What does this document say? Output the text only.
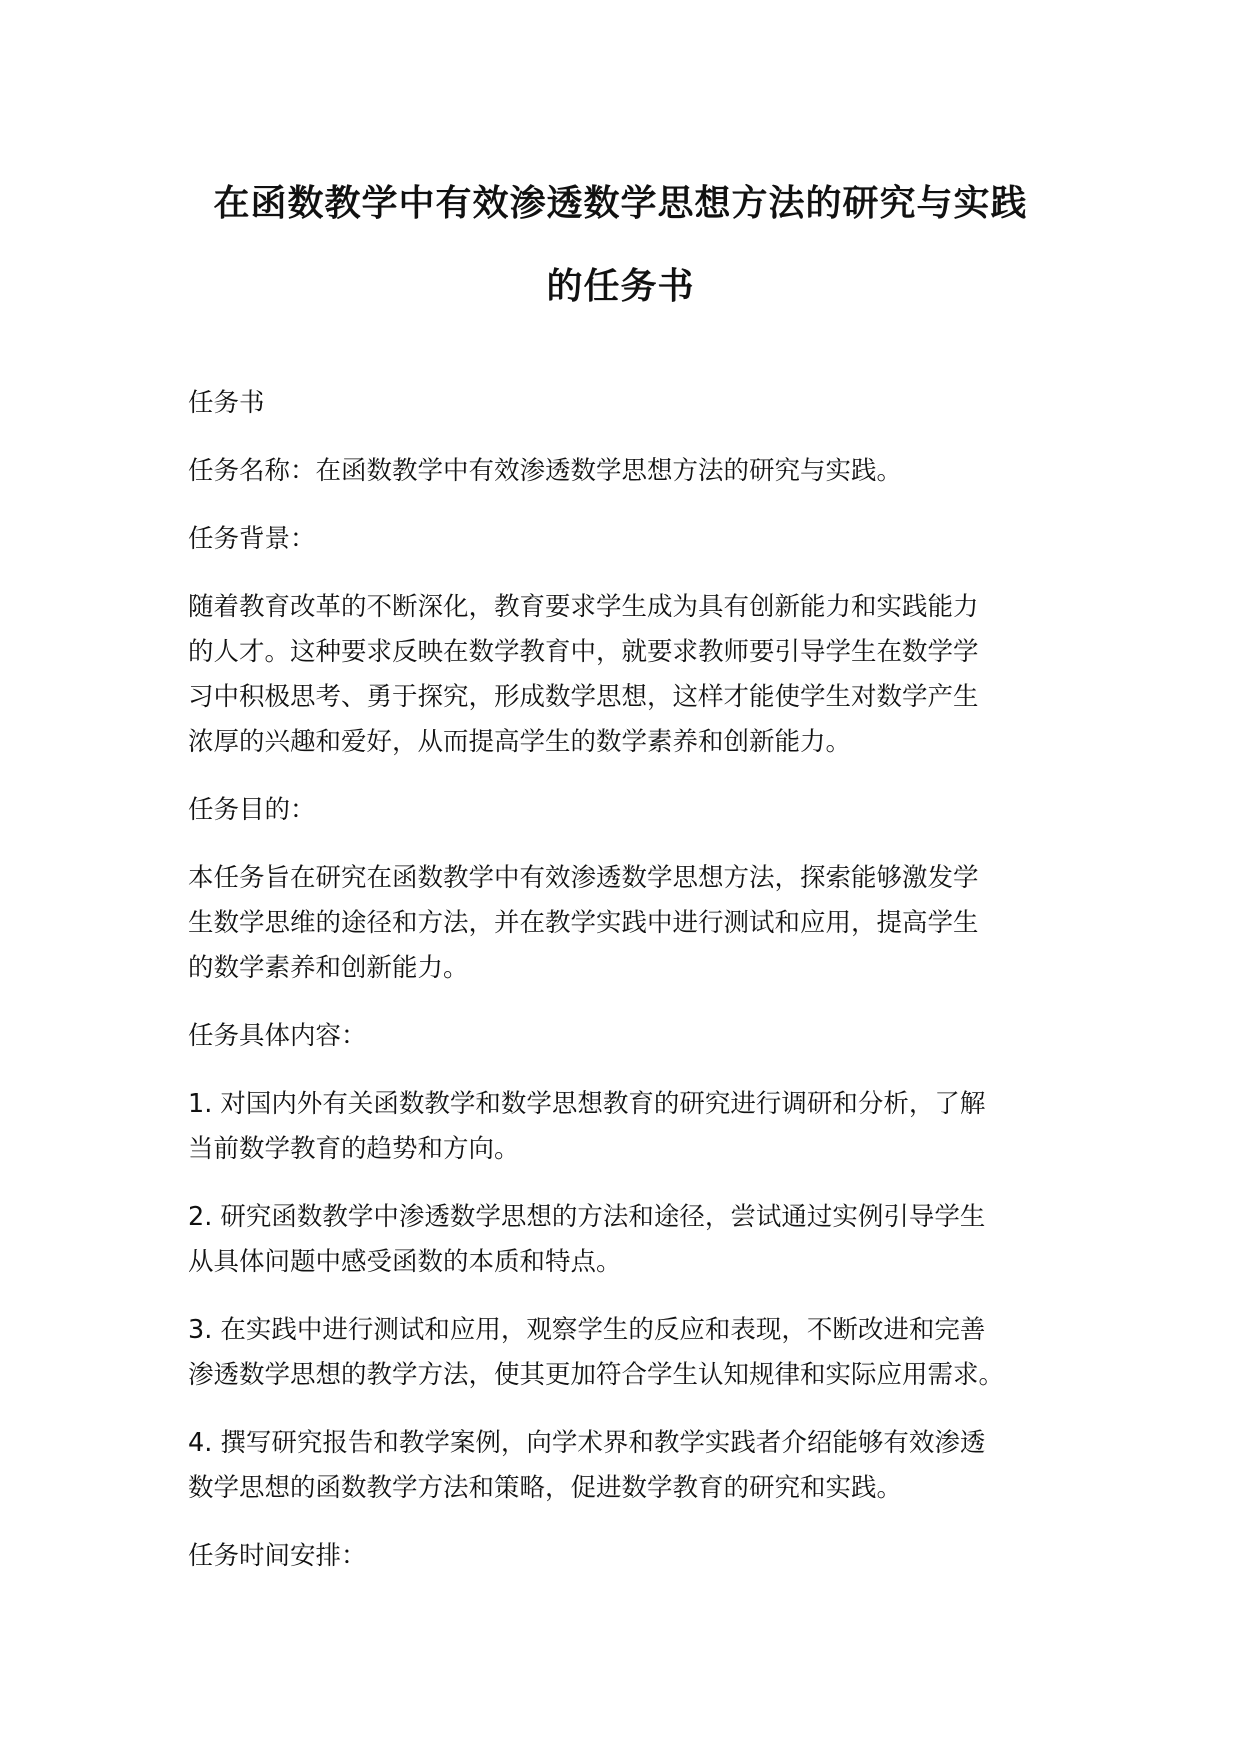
在函数教学中有效渗透数学思想方法的研究与实践
的任务书

任务书

任务名称：在函数教学中有效渗透数学思想方法的研究与实践。

任务背景：

随着教育改革的不断深化，教育要求学生成为具有创新能力和实践能力
的人才。这种要求反映在数学教育中，就要求教师要引导学生在数学学
习中积极思考、勇于探究，形成数学思想，这样才能使学生对数学产生
浓厚的兴趣和爱好，从而提高学生的数学素养和创新能力。

任务目的：

本任务旨在研究在函数教学中有效渗透数学思想方法，探索能够激发学
生数学思维的途径和方法，并在教学实践中进行测试和应用，提高学生
的数学素养和创新能力。

任务具体内容：

1. 对国内外有关函数教学和数学思想教育的研究进行调研和分析，了解
当前数学教育的趋势和方向。

2. 研究函数教学中渗透数学思想的方法和途径，尝试通过实例引导学生
从具体问题中感受函数的本质和特点。

3. 在实践中进行测试和应用，观察学生的反应和表现，不断改进和完善
渗透数学思想的教学方法，使其更加符合学生认知规律和实际应用需求。

4. 撰写研究报告和教学案例，向学术界和教学实践者介绍能够有效渗透
数学思想的函数教学方法和策略，促进数学教育的研究和实践。

任务时间安排：
